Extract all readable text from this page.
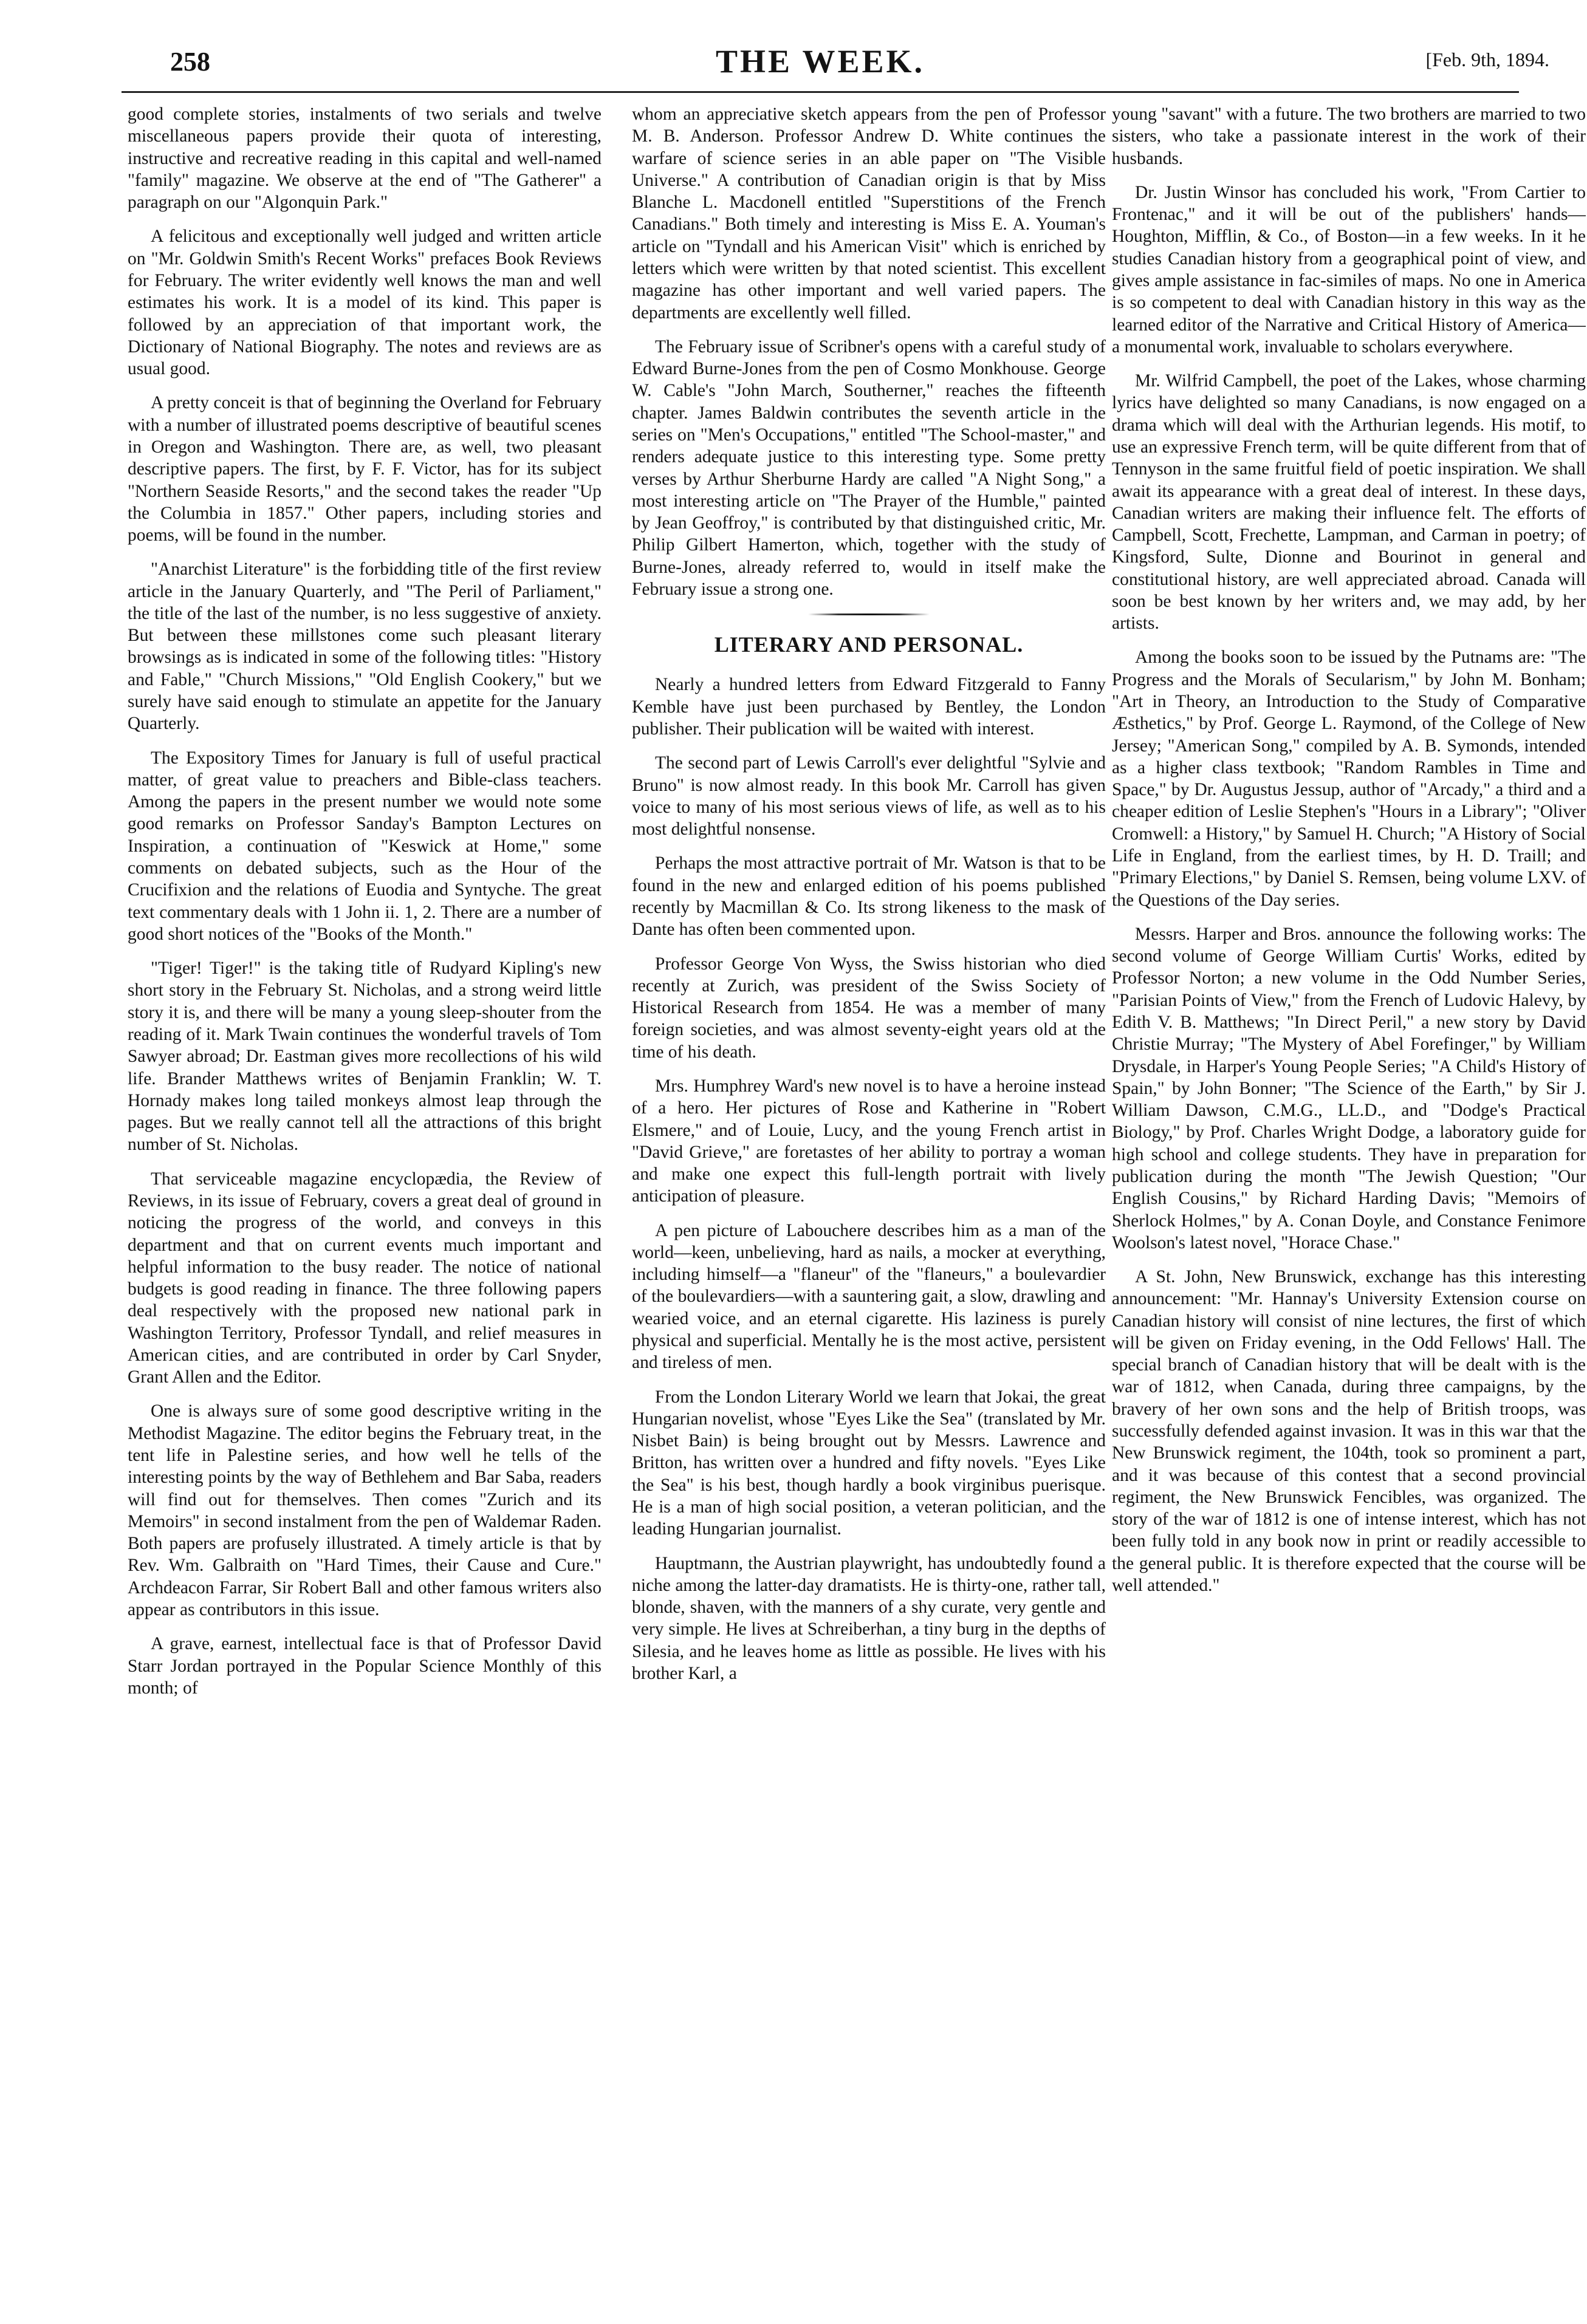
258	THE WEEK.	[Feb. 9th, 1894.

good complete stories, instalments of two serials and twelve miscellaneous papers provide their quota of interesting, instructive and recreative reading in this capital and well-named "family" magazine. We observe at the end of "The Gatherer" a paragraph on our "Algonquin Park."

A felicitous and exceptionally well judged and written article on "Mr. Goldwin Smith's Recent Works" prefaces Book Reviews for February. The writer evidently well knows the man and well estimates his work. It is a model of its kind. This paper is followed by an appreciation of that important work, the Dictionary of National Biography. The notes and reviews are as usual good.

A pretty conceit is that of beginning the Overland for February with a number of illustrated poems descriptive of beautiful scenes in Oregon and Washington. There are, as well, two pleasant descriptive papers. The first, by F. F. Victor, has for its subject "Northern Seaside Resorts," and the second takes the reader "Up the Columbia in 1857." Other papers, including stories and poems, will be found in the number.

"Anarchist Literature" is the forbidding title of the first review article in the January Quarterly, and "The Peril of Parliament," the title of the last of the number, is no less suggestive of anxiety. But between these millstones come such pleasant literary browsings as is indicated in some of the following titles: "History and Fable," "Church Missions," "Old English Cookery," but we surely have said enough to stimulate an appetite for the January Quarterly.

The Expository Times for January is full of useful practical matter, of great value to preachers and Bible-class teachers. Among the papers in the present number we would note some good remarks on Professor Sanday's Bampton Lectures on Inspiration, a continuation of "Keswick at Home," some comments on debated subjects, such as the Hour of the Crucifixion and the relations of Euodia and Syntyche. The great text commentary deals with 1 John ii. 1, 2. There are a number of good short notices of the "Books of the Month."

"Tiger! Tiger!" is the taking title of Rudyard Kipling's new short story in the February St. Nicholas, and a strong weird little story it is, and there will be many a young sleep-shouter from the reading of it. Mark Twain continues the wonderful travels of Tom Sawyer abroad; Dr. Eastman gives more recollections of his wild life. Brander Matthews writes of Benjamin Franklin; W. T. Hornady makes long tailed monkeys almost leap through the pages. But we really cannot tell all the attractions of this bright number of St. Nicholas.

That serviceable magazine encyclopædia, the Review of Reviews, in its issue of February, covers a great deal of ground in noticing the progress of the world, and conveys in this department and that on current events much important and helpful information to the busy reader. The notice of national budgets is good reading in finance. The three following papers deal respectively with the proposed new national park in Washington Territory, Professor Tyndall, and relief measures in American cities, and are contributed in order by Carl Snyder, Grant Allen and the Editor.

One is always sure of some good descriptive writing in the Methodist Magazine. The editor begins the February treat, in the tent life in Palestine series, and how well he tells of the interesting points by the way of Bethlehem and Bar Saba, readers will find out for themselves. Then comes "Zurich and its Memoirs" in second instalment from the pen of Waldemar Raden. Both papers are profusely illustrated. A timely article is that by Rev. Wm. Galbraith on "Hard Times, their Cause and Cure." Archdeacon Farrar, Sir Robert Ball and other famous writers also appear as contributors in this issue.

A grave, earnest, intellectual face is that of Professor David Starr Jordan portrayed in the Popular Science Monthly of this month; of

whom an appreciative sketch appears from the pen of Professor M. B. Anderson. Professor Andrew D. White continues the warfare of science series in an able paper on "The Visible Universe." A contribution of Canadian origin is that by Miss Blanche L. Macdonell entitled "Superstitions of the French Canadians." Both timely and interesting is Miss E. A. Youman's article on "Tyndall and his American Visit" which is enriched by letters which were written by that noted scientist. This excellent magazine has other important and well varied papers. The departments are excellently well filled.

The February issue of Scribner's opens with a careful study of Edward Burne-Jones from the pen of Cosmo Monkhouse. George W. Cable's "John March, Southerner," reaches the fifteenth chapter. James Baldwin contributes the seventh article in the series on "Men's Occupations," entitled "The School-master," and renders adequate justice to this interesting type. Some pretty verses by Arthur Sherburne Hardy are called "A Night Song," a most interesting article on "The Prayer of the Humble," painted by Jean Geoffroy," is contributed by that distinguished critic, Mr. Philip Gilbert Hamerton, which, together with the study of Burne-Jones, already referred to, would in itself make the February issue a strong one.

LITERARY AND PERSONAL.

Nearly a hundred letters from Edward Fitzgerald to Fanny Kemble have just been purchased by Bentley, the London publisher. Their publication will be waited with interest.

The second part of Lewis Carroll's ever delightful "Sylvie and Bruno" is now almost ready. In this book Mr. Carroll has given voice to many of his most serious views of life, as well as to his most delightful nonsense.

Perhaps the most attractive portrait of Mr. Watson is that to be found in the new and enlarged edition of his poems published recently by Macmillan & Co. Its strong likeness to the mask of Dante has often been commented upon.

Professor George Von Wyss, the Swiss historian who died recently at Zurich, was president of the Swiss Society of Historical Research from 1854. He was a member of many foreign societies, and was almost seventy-eight years old at the time of his death.

Mrs. Humphrey Ward's new novel is to have a heroine instead of a hero. Her pictures of Rose and Katherine in "Robert Elsmere," and of Louie, Lucy, and the young French artist in "David Grieve," are foretastes of her ability to portray a woman and make one expect this full-length portrait with lively anticipation of pleasure.

A pen picture of Labouchere describes him as a man of the world—keen, unbelieving, hard as nails, a mocker at everything, including himself—a "flaneur" of the "flaneurs," a boulevardier of the boulevardiers—with a sauntering gait, a slow, drawling and wearied voice, and an eternal cigarette. His laziness is purely physical and superficial. Mentally he is the most active, persistent and tireless of men.

From the London Literary World we learn that Jokai, the great Hungarian novelist, whose "Eyes Like the Sea" (translated by Mr. Nisbet Bain) is being brought out by Messrs. Lawrence and Britton, has written over a hundred and fifty novels. "Eyes Like the Sea" is his best, though hardly a book virginibus puerisque. He is a man of high social position, a veteran politician, and the leading Hungarian journalist.

Hauptmann, the Austrian playwright, has undoubtedly found a niche among the latter-day dramatists. He is thirty-one, rather tall, blonde, shaven, with the manners of a shy curate, very gentle and very simple. He lives at Schreiberhan, a tiny burg in the depths of Silesia, and he leaves home as little as possible. He lives with his brother Karl, a

young "savant" with a future. The two brothers are married to two sisters, who take a passionate interest in the work of their husbands.

Dr. Justin Winsor has concluded his work, "From Cartier to Frontenac," and it will be out of the publishers' hands—Houghton, Mifflin, & Co., of Boston—in a few weeks. In it he studies Canadian history from a geographical point of view, and gives ample assistance in fac-similes of maps. No one in America is so competent to deal with Canadian history in this way as the learned editor of the Narrative and Critical History of America—a monumental work, invaluable to scholars everywhere.

Mr. Wilfrid Campbell, the poet of the Lakes, whose charming lyrics have delighted so many Canadians, is now engaged on a drama which will deal with the Arthurian legends. His motif, to use an expressive French term, will be quite different from that of Tennyson in the same fruitful field of poetic inspiration. We shall await its appearance with a great deal of interest. In these days, Canadian writers are making their influence felt. The efforts of Campbell, Scott, Frechette, Lampman, and Carman in poetry; of Kingsford, Sulte, Dionne and Bourinot in general and constitutional history, are well appreciated abroad. Canada will soon be best known by her writers and, we may add, by her artists.

Among the books soon to be issued by the Putnams are: "The Progress and the Morals of Secularism," by John M. Bonham; "Art in Theory, an Introduction to the Study of Comparative Æsthetics," by Prof. George L. Raymond, of the College of New Jersey; "American Song," compiled by A. B. Symonds, intended as a higher class textbook; "Random Rambles in Time and Space," by Dr. Augustus Jessup, author of "Arcady," a third and a cheaper edition of Leslie Stephen's "Hours in a Library"; "Oliver Cromwell: a History," by Samuel H. Church; "A History of Social Life in England, from the earliest times, by H. D. Traill; and "Primary Elections," by Daniel S. Remsen, being volume LXV. of the Questions of the Day series.

Messrs. Harper and Bros. announce the following works: The second volume of George William Curtis' Works, edited by Professor Norton; a new volume in the Odd Number Series, "Parisian Points of View," from the French of Ludovic Halevy, by Edith V. B. Matthews; "In Direct Peril," a new story by David Christie Murray; "The Mystery of Abel Forefinger," by William Drysdale, in Harper's Young People Series; "A Child's History of Spain," by John Bonner; "The Science of the Earth," by Sir J. William Dawson, C.M.G., LL.D., and "Dodge's Practical Biology," by Prof. Charles Wright Dodge, a laboratory guide for high school and college students. They have in preparation for publication during the month "The Jewish Question; "Our English Cousins," by Richard Harding Davis; "Memoirs of Sherlock Holmes," by A. Conan Doyle, and Constance Fenimore Woolson's latest novel, "Horace Chase."

A St. John, New Brunswick, exchange has this interesting announcement: "Mr. Hannay's University Extension course on Canadian history will consist of nine lectures, the first of which will be given on Friday evening, in the Odd Fellows' Hall. The special branch of Canadian history that will be dealt with is the war of 1812, when Canada, during three campaigns, by the bravery of her own sons and the help of British troops, was successfully defended against invasion. It was in this war that the New Brunswick regiment, the 104th, took so prominent a part, and it was because of this contest that a second provincial regiment, the New Brunswick Fencibles, was organized. The story of the war of 1812 is one of intense interest, which has not been fully told in any book now in print or readily accessible to the general public. It is therefore expected that the course will be well attended."
